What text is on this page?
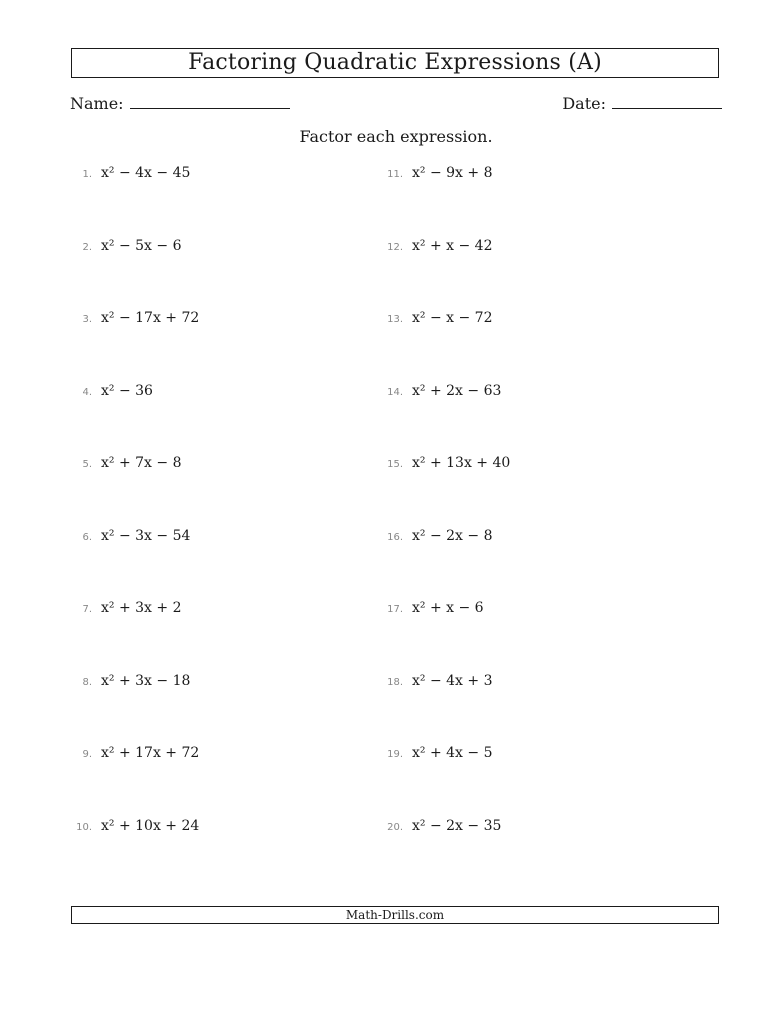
Factoring Quadratic Expressions (A)
Name:	Date:
Factor each expression.
1. x² − 4x − 45
2. x² − 5x − 6
3. x² − 17x + 72
4. x² − 36
5. x² + 7x − 8
6. x² − 3x − 54
7. x² + 3x + 2
8. x² + 3x − 18
9. x² + 17x + 72
10. x² + 10x + 24
11. x² − 9x + 8
12. x² + x − 42
13. x² − x − 72
14. x² + 2x − 63
15. x² + 13x + 40
16. x² − 2x − 8
17. x² + x − 6
18. x² − 4x + 3
19. x² + 4x − 5
20. x² − 2x − 35
Math-Drills.com
